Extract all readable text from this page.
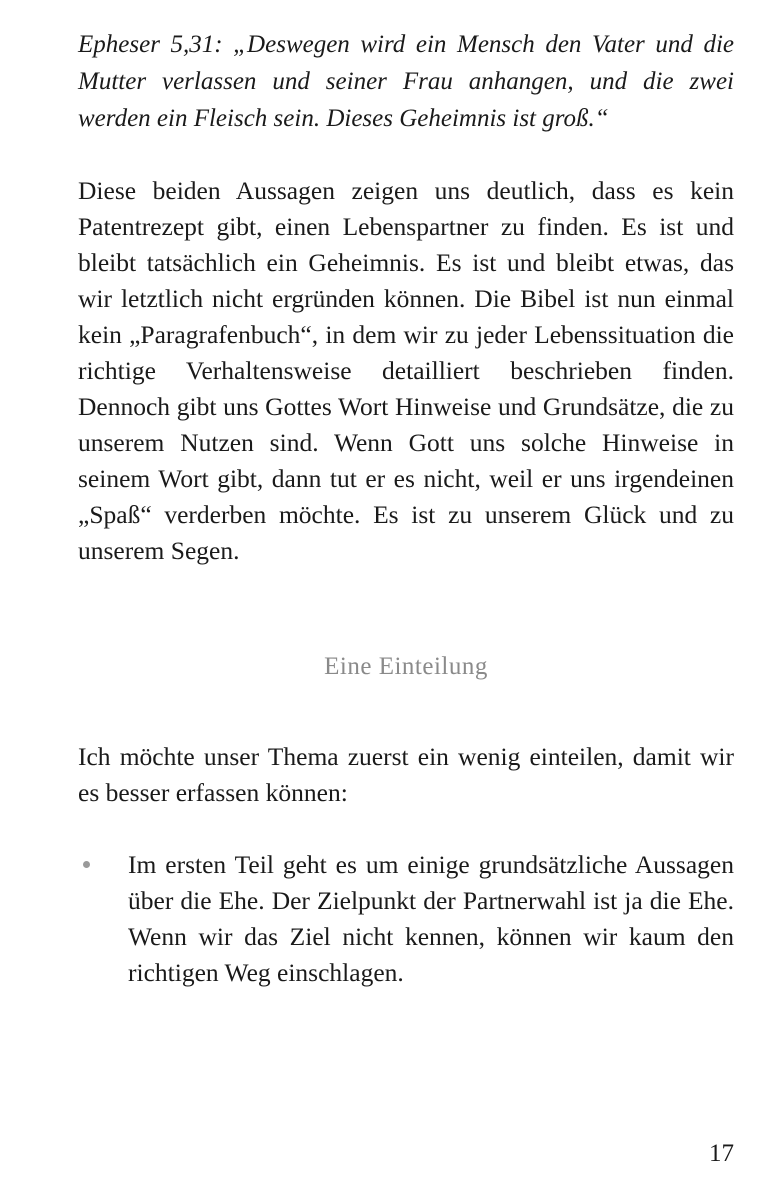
Epheser 5,31: „Deswegen wird ein Mensch den Vater und die Mutter verlassen und seiner Frau anhangen, und die zwei werden ein Fleisch sein. Dieses Geheimnis ist groß.“

Diese beiden Aussagen zeigen uns deutlich, dass es kein Patentrezept gibt, einen Lebenspartner zu finden. Es ist und bleibt tatsächlich ein Geheimnis. Es ist und bleibt etwas, das wir letztlich nicht ergründen können. Die Bibel ist nun einmal kein „Paragrafenbuch“, in dem wir zu jeder Lebenssituation die richtige Verhaltensweise detailliert beschrieben finden. Dennoch gibt uns Gottes Wort Hinweise und Grundsätze, die zu unserem Nutzen sind. Wenn Gott uns solche Hinweise in seinem Wort gibt, dann tut er es nicht, weil er uns irgendeinen „Spaß“ verderben möchte. Es ist zu unserem Glück und zu unserem Segen.

Eine Einteilung

Ich möchte unser Thema zuerst ein wenig einteilen, damit wir es besser erfassen können:

Im ersten Teil geht es um einige grundsätzliche Aussagen über die Ehe. Der Zielpunkt der Partnerwahl ist ja die Ehe. Wenn wir das Ziel nicht kennen, können wir kaum den richtigen Weg einschlagen.
17
